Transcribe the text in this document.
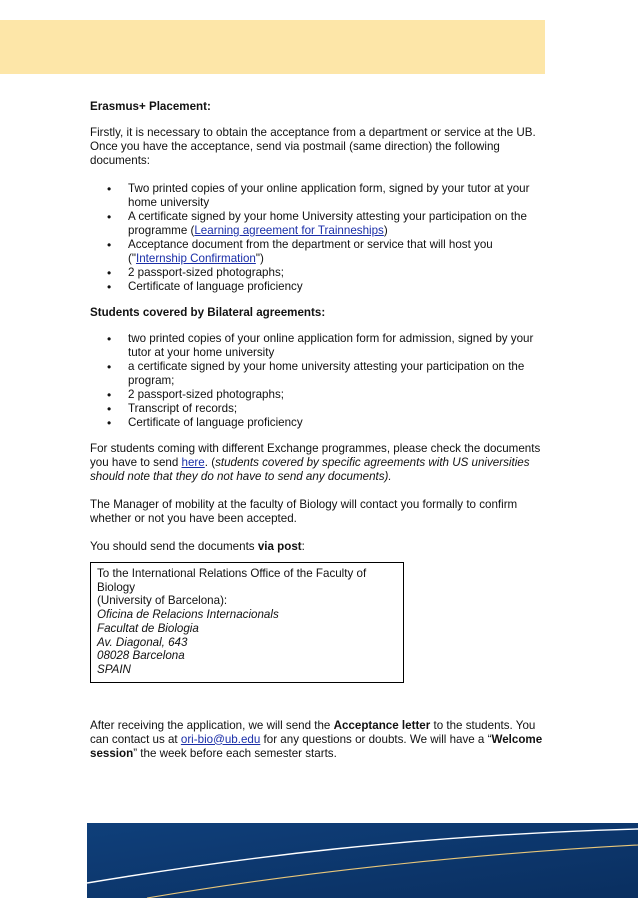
Erasmus+ Placement:

Firstly, it is necessary to obtain the acceptance from a department or service at the UB. Once you have the acceptance, send via postmail (same direction) the following documents:

• Two printed copies of your online application form, signed by your tutor at your home university
• A certificate signed by your home University attesting your participation on the programme (Learning agreement for Trainneships)
• Acceptance document from the department or service that will host you ("Internship Confirmation")
• 2 passport-sized photographs;
• Certificate of language proficiency

Students covered by Bilateral agreements:

• two printed copies of your online application form for admission, signed by your tutor at your home university
• a certificate signed by your home university attesting your participation on the program;
• 2 passport-sized photographs;
• Transcript of records;
• Certificate of language proficiency

For students coming with different Exchange programmes, please check the documents you have to send here. (students covered by specific agreements with US universities should note that they do not have to send any documents).

The Manager of mobility at the faculty of Biology will contact you formally to confirm whether or not you have been accepted.

You should send the documents via post:

To the International Relations Office of the Faculty of Biology
(University of Barcelona):
Oficina de Relacions Internacionals
Facultat de Biologia
Av. Diagonal, 643
08028 Barcelona
SPAIN

After receiving the application, we will send the Acceptance letter to the students. You can contact us at ori-bio@ub.edu for any questions or doubts. We will have a “Welcome session” the week before each semester starts.
